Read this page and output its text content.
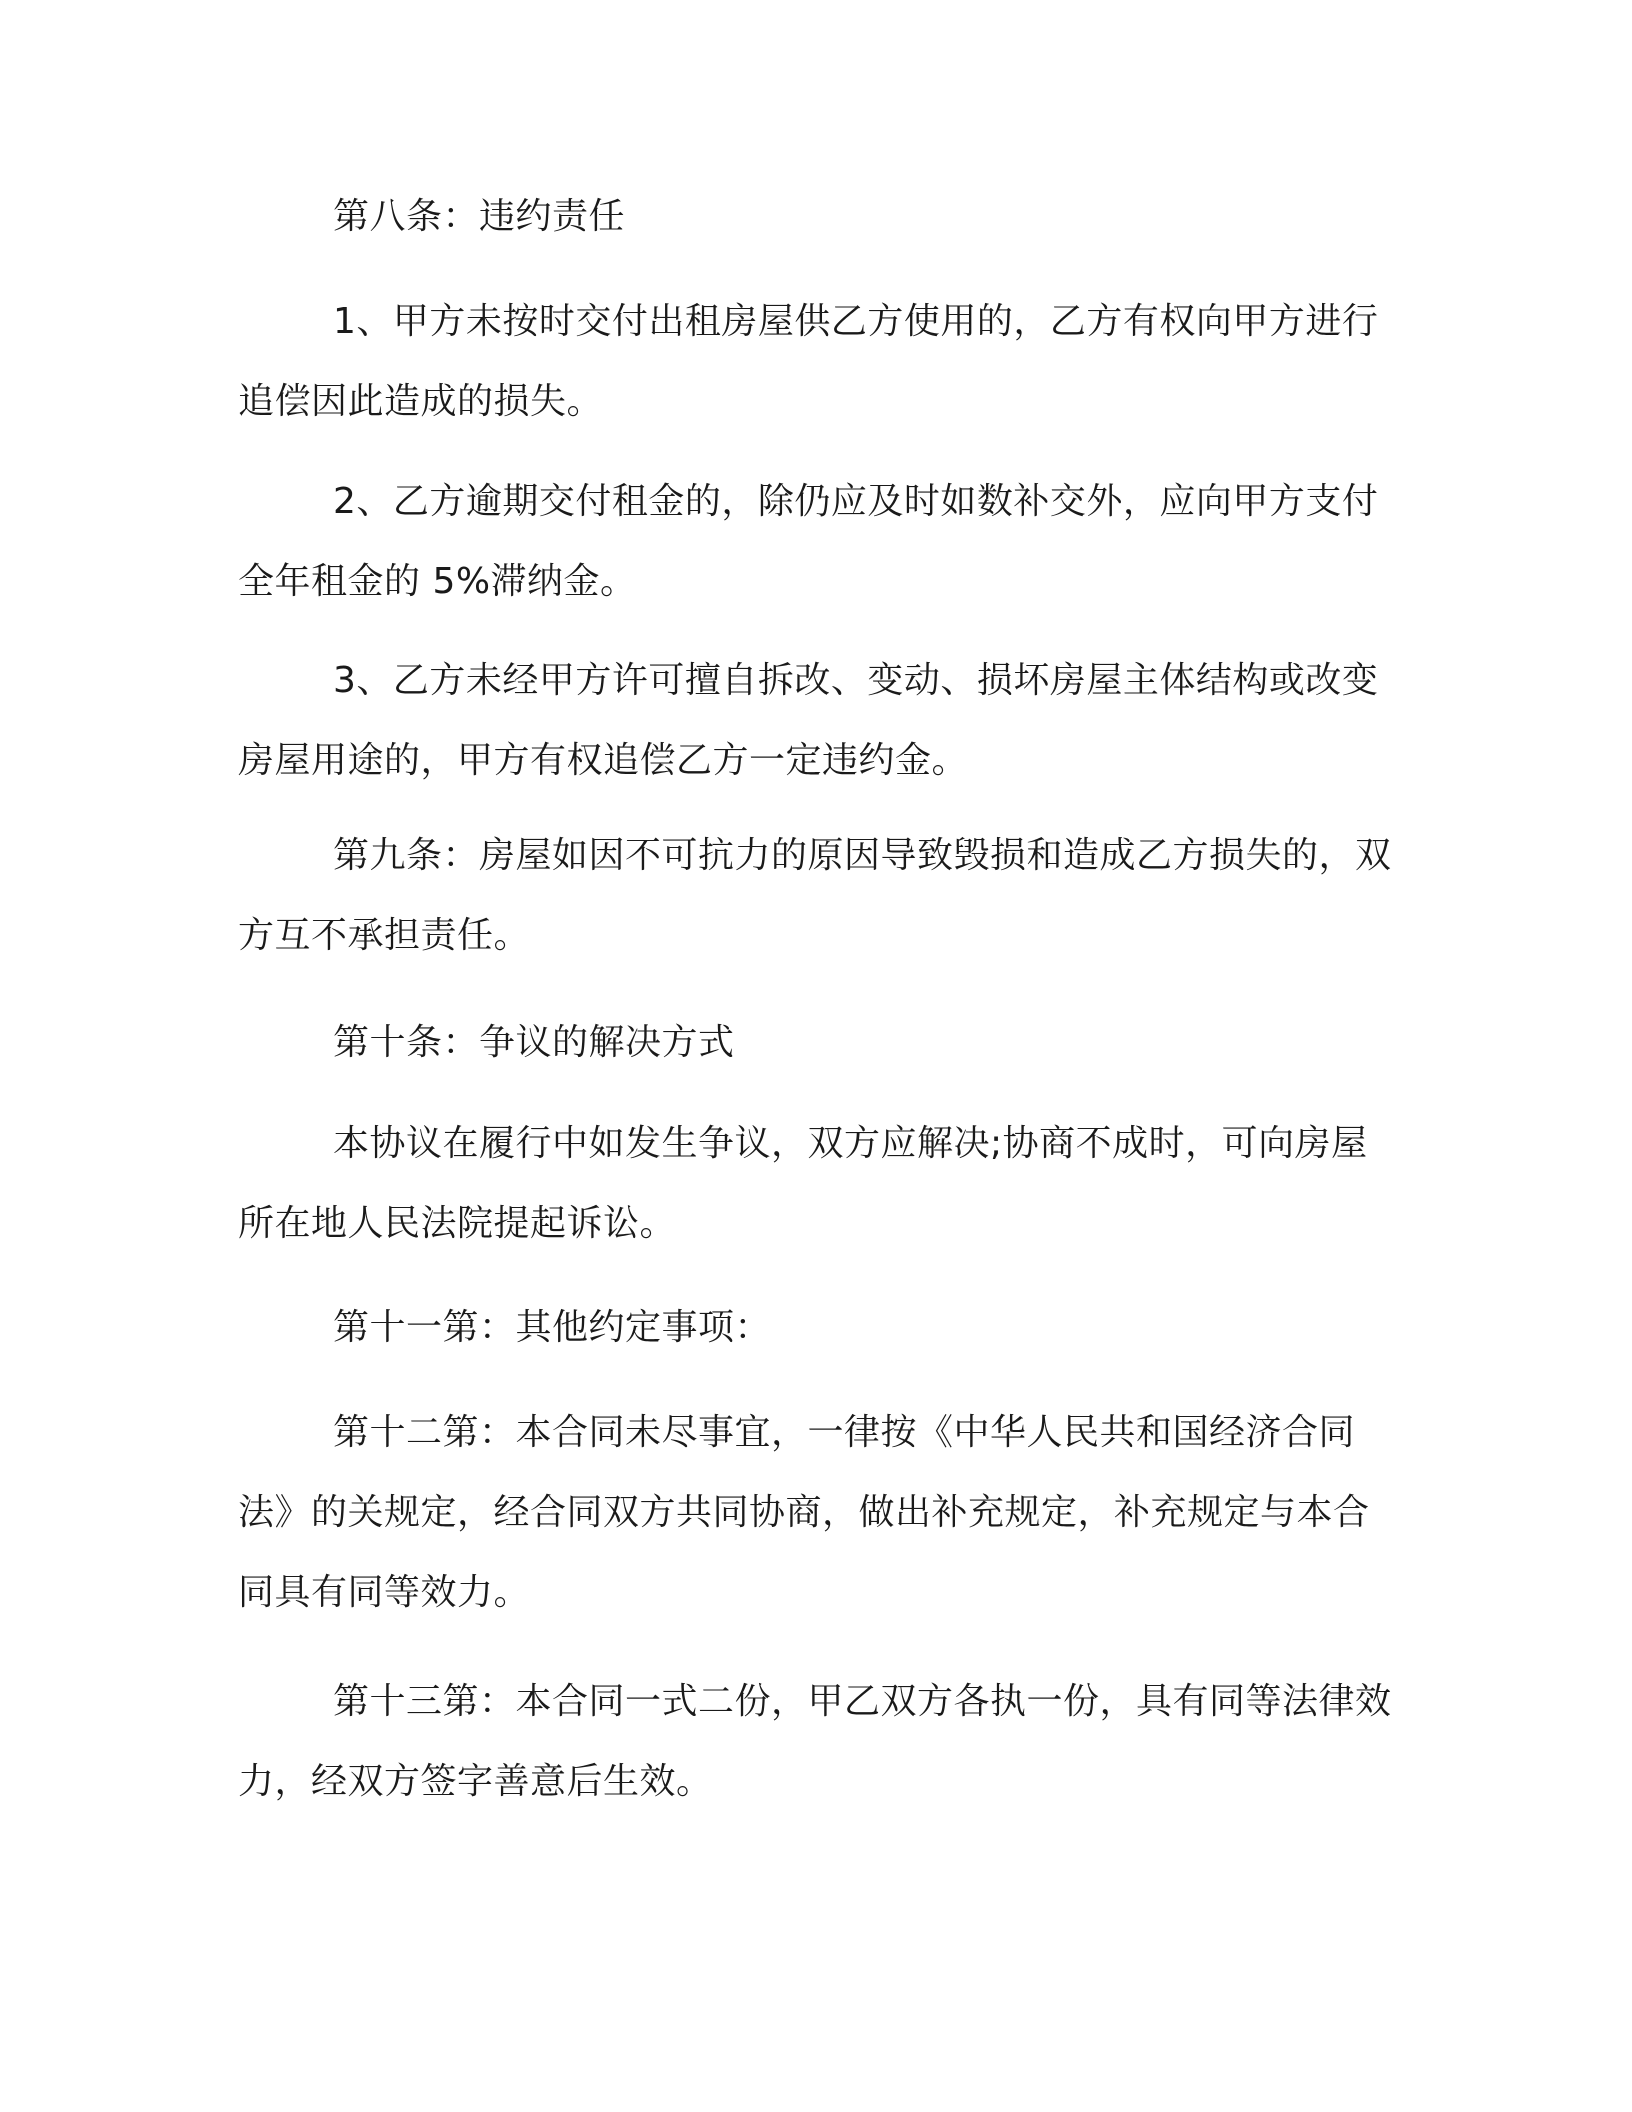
第八条：违约责任
1、甲方未按时交付出租房屋供乙方使用的，乙方有权向甲方进行追偿因此造成的损失。
2、乙方逾期交付租金的，除仍应及时如数补交外，应向甲方支付全年租金的 5%滞纳金。
3、乙方未经甲方许可擅自拆改、变动、损坏房屋主体结构或改变房屋用途的，甲方有权追偿乙方一定违约金。
第九条：房屋如因不可抗力的原因导致毁损和造成乙方损失的，双方互不承担责任。
第十条：争议的解决方式
本协议在履行中如发生争议，双方应解决;协商不成时，可向房屋所在地人民法院提起诉讼。
第十一第：其他约定事项：
第十二第：本合同未尽事宜，一律按《中华人民共和国经济合同法》的关规定，经合同双方共同协商，做出补充规定，补充规定与本合同具有同等效力。
第十三第：本合同一式二份，甲乙双方各执一份，具有同等法律效力，经双方签字善意后生效。
